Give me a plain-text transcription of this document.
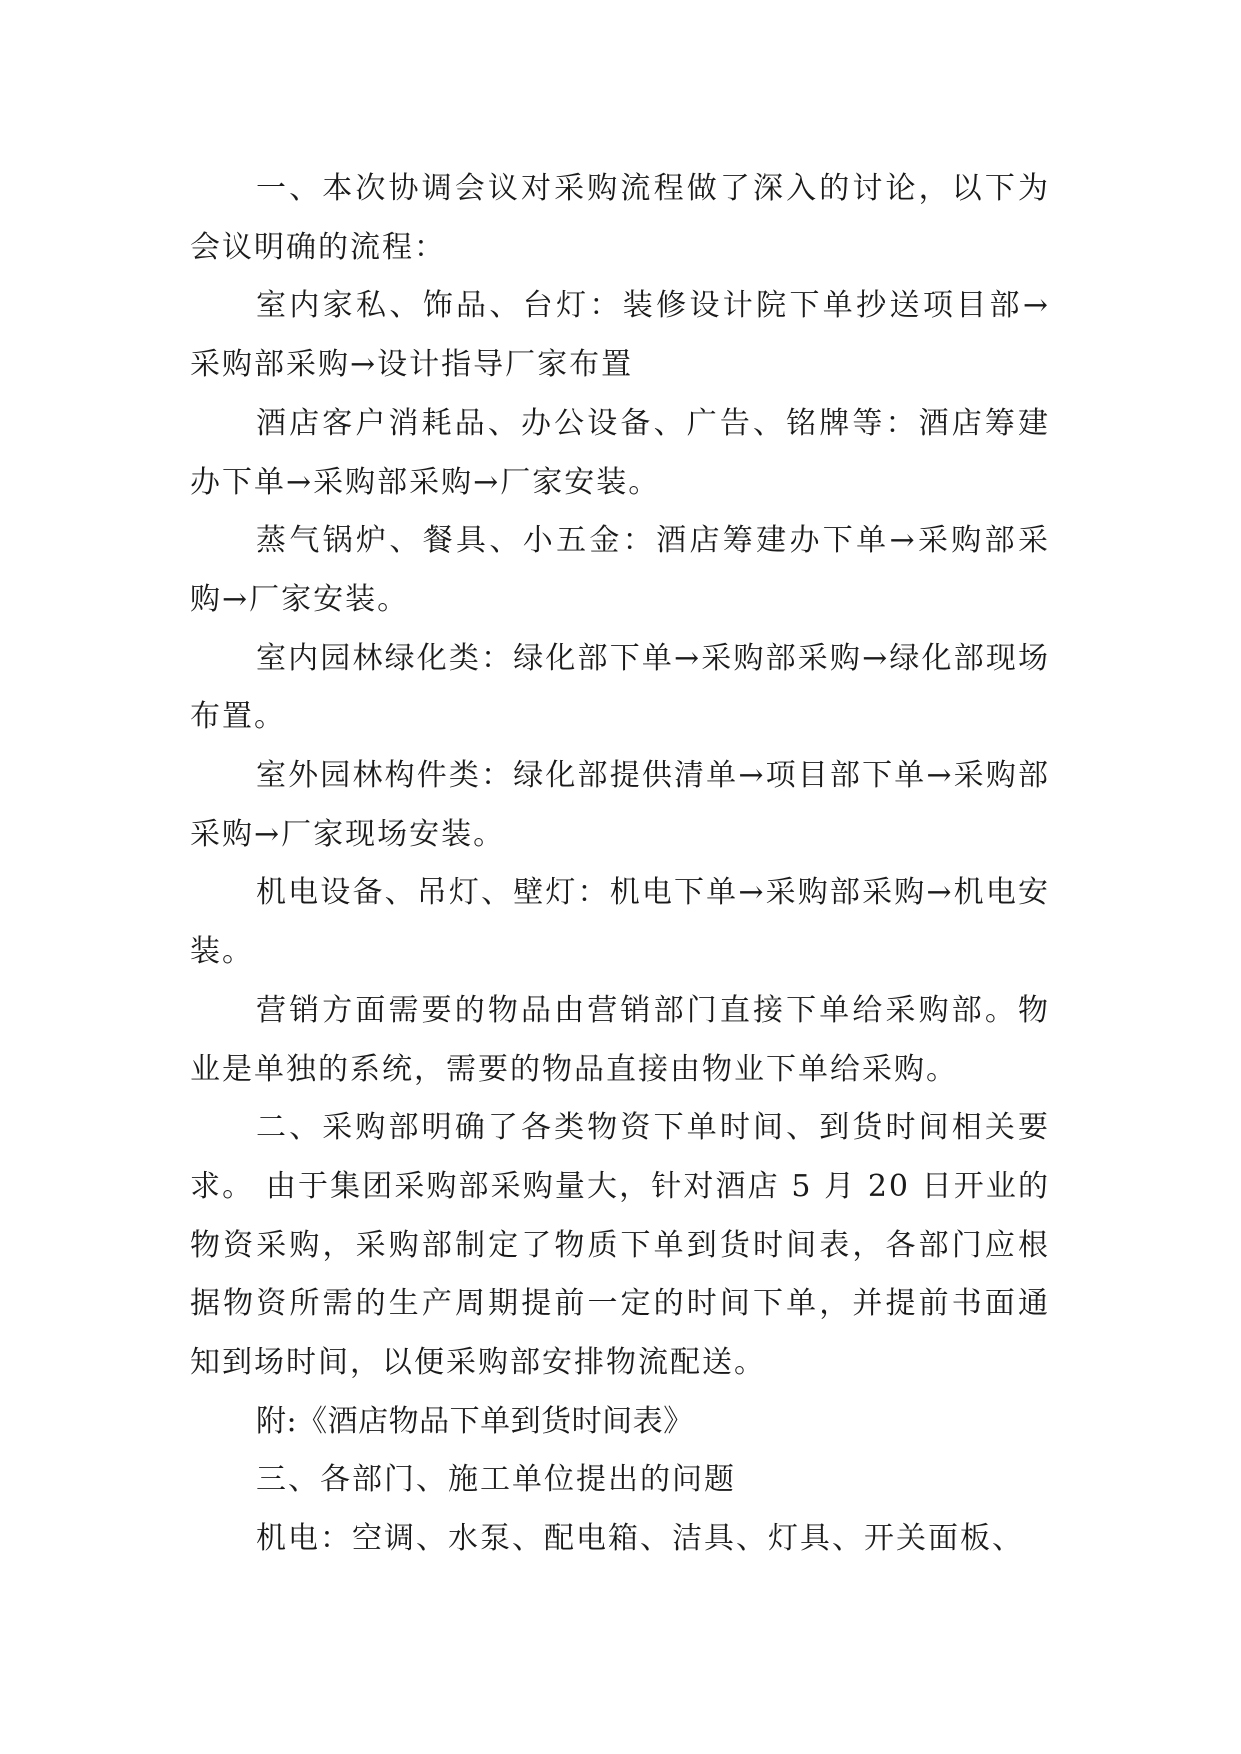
一、本次协调会议对采购流程做了深入的讨论，以下为会议明确的流程：

室内家私、饰品、台灯：装修设计院下单抄送项目部→采购部采购→设计指导厂家布置

酒店客户消耗品、办公设备、广告、铭牌等：酒店筹建办下单→采购部采购→厂家安装。

蒸气锅炉、餐具、小五金：酒店筹建办下单→采购部采购→厂家安装。

室内园林绿化类：绿化部下单→采购部采购→绿化部现场布置。

室外园林构件类：绿化部提供清单→项目部下单→采购部采购→厂家现场安装。

机电设备、吊灯、壁灯：机电下单→采购部采购→机电安装。

营销方面需要的物品由营销部门直接下单给采购部。物业是单独的系统，需要的物品直接由物业下单给采购。

二、采购部明确了各类物资下单时间、到货时间相关要求。 由于集团采购部采购量大，针对酒店 5 月 20 日开业的物资采购，采购部制定了物质下单到货时间表，各部门应根据物资所需的生产周期提前一定的时间下单，并提前书面通知到场时间，以便采购部安排物流配送。

附:《酒店物品下单到货时间表》

三、各部门、施工单位提出的问题

机电：空调、水泵、配电箱、洁具、灯具、开关面板、
